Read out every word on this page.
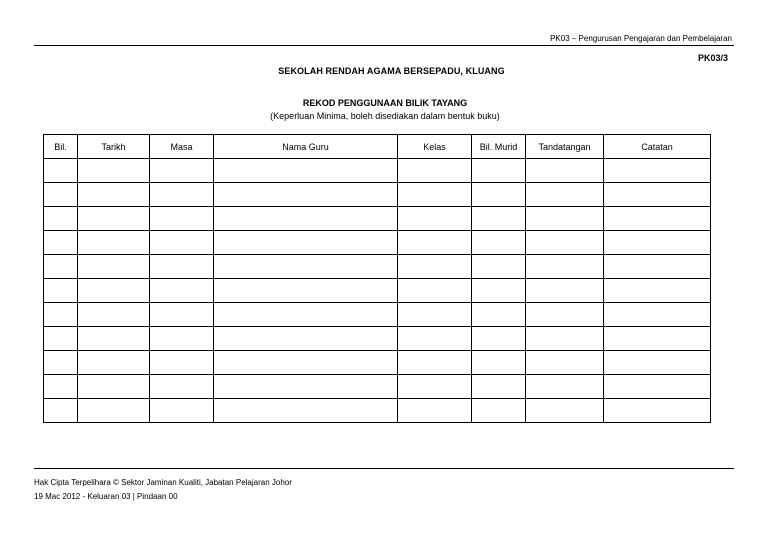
PK03 – Pengurusan Pengajaran dan Pembelajaran
PK03/3
SEKOLAH RENDAH AGAMA BERSEPADU, KLUANG
REKOD PENGGUNAAN BILIK TAYANG
(Keperluan Minima, boleh disediakan dalam bentuk buku)
Bil.	Tarikh	Masa	Nama Guru	Kelas	Bil. Murid	Tandatangan	Catatan

Hak Cipta Terpelihara © Sektor Jaminan Kualiti, Jabatan Pelajaran Johor
19 Mac 2012 - Keluaran 03 | Pindaan 00
